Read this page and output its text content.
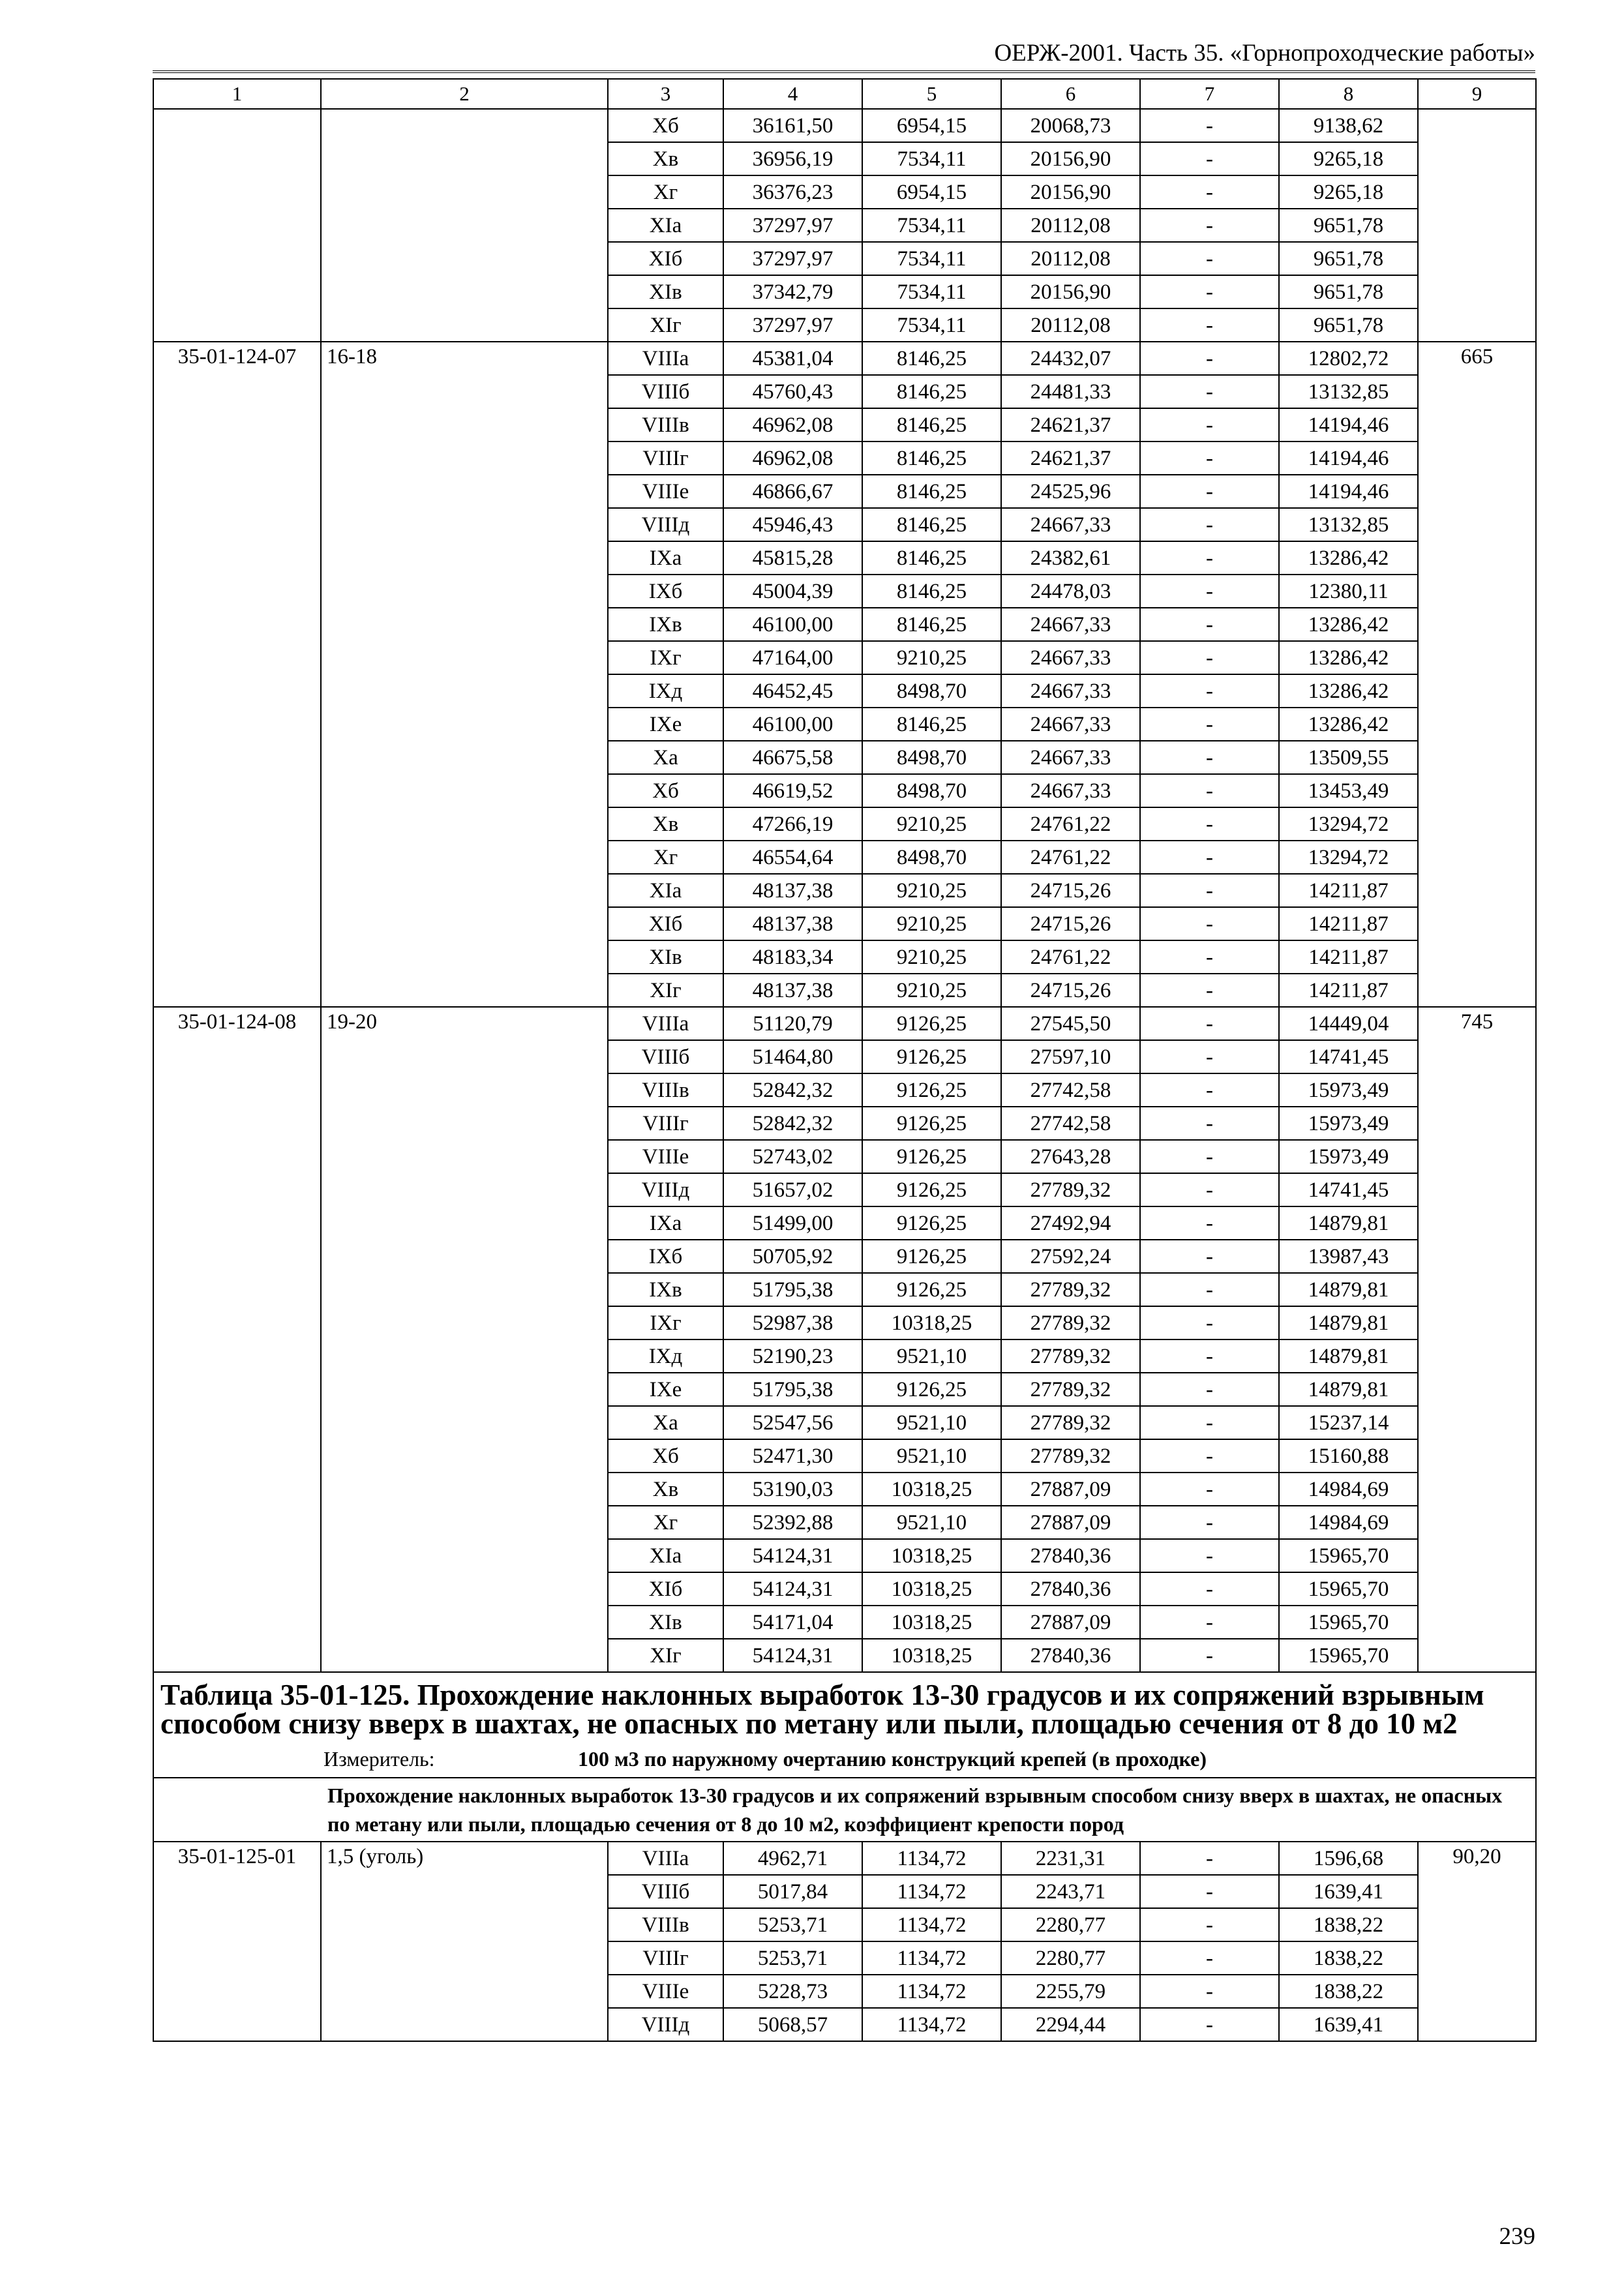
ОЕРЖ-2001. Часть 35. «Горнопроходческие работы»
1	2	3	4	5	6	7	8	9
		Xб	36161,50	6954,15	20068,73	-	9138,62	
		Xв	36956,19	7534,11	20156,90	-	9265,18	
		Xг	36376,23	6954,15	20156,90	-	9265,18	
		XIa	37297,97	7534,11	20112,08	-	9651,78	
		XIб	37297,97	7534,11	20112,08	-	9651,78	
		XIв	37342,79	7534,11	20156,90	-	9651,78	
		XIг	37297,97	7534,11	20112,08	-	9651,78	
35-01-124-07	16-18	VIIIa	45381,04	8146,25	24432,07	-	12802,72	665
		VIIIб	45760,43	8146,25	24481,33	-	13132,85	
		VIIIв	46962,08	8146,25	24621,37	-	14194,46	
		VIIIг	46962,08	8146,25	24621,37	-	14194,46	
		VIIIe	46866,67	8146,25	24525,96	-	14194,46	
		VIIIд	45946,43	8146,25	24667,33	-	13132,85	
		IXa	45815,28	8146,25	24382,61	-	13286,42	
		IXб	45004,39	8146,25	24478,03	-	12380,11	
		IXв	46100,00	8146,25	24667,33	-	13286,42	
		IXг	47164,00	9210,25	24667,33	-	13286,42	
		IXд	46452,45	8498,70	24667,33	-	13286,42	
		IXe	46100,00	8146,25	24667,33	-	13286,42	
		Xa	46675,58	8498,70	24667,33	-	13509,55	
		Xб	46619,52	8498,70	24667,33	-	13453,49	
		Xв	47266,19	9210,25	24761,22	-	13294,72	
		Xг	46554,64	8498,70	24761,22	-	13294,72	
		XIa	48137,38	9210,25	24715,26	-	14211,87	
		XIб	48137,38	9210,25	24715,26	-	14211,87	
		XIв	48183,34	9210,25	24761,22	-	14211,87	
		XIг	48137,38	9210,25	24715,26	-	14211,87	
35-01-124-08	19-20	VIIIa	51120,79	9126,25	27545,50	-	14449,04	745
		VIIIб	51464,80	9126,25	27597,10	-	14741,45	
		VIIIв	52842,32	9126,25	27742,58	-	15973,49	
		VIIIг	52842,32	9126,25	27742,58	-	15973,49	
		VIIIe	52743,02	9126,25	27643,28	-	15973,49	
		VIIIд	51657,02	9126,25	27789,32	-	14741,45	
		IXa	51499,00	9126,25	27492,94	-	14879,81	
		IXб	50705,92	9126,25	27592,24	-	13987,43	
		IXв	51795,38	9126,25	27789,32	-	14879,81	
		IXг	52987,38	10318,25	27789,32	-	14879,81	
		IXд	52190,23	9521,10	27789,32	-	14879,81	
		IXe	51795,38	9126,25	27789,32	-	14879,81	
		Xa	52547,56	9521,10	27789,32	-	15237,14	
		Xб	52471,30	9521,10	27789,32	-	15160,88	
		Xв	53190,03	10318,25	27887,09	-	14984,69	
		Xг	52392,88	9521,10	27887,09	-	14984,69	
		XIa	54124,31	10318,25	27840,36	-	15965,70	
		XIб	54124,31	10318,25	27840,36	-	15965,70	
		XIв	54171,04	10318,25	27887,09	-	15965,70	
		XIг	54124,31	10318,25	27840,36	-	15965,70	
Таблица 35-01-125. Прохождение наклонных выработок 13-30 градусов и их сопряжений взрывным способом снизу вверх в шахтах, не опасных по метану или пыли, площадью сечения от 8 до 10 м2								

Измеритель: 100 м3 по наружному очертанию конструкций крепей (в проходке)								

	Прохождение наклонных выработок 13-30 градусов и их сопряжений взрывным способом снизу вверх в шахтах, не опасных по метану или пыли, площадью сечения от 8 до 10 м2, коэффициент крепости пород							
35-01-125-01	1,5 (уголь)	VIIIa	4962,71	1134,72	2231,31	-	1596,68	90,20
		VIIIб	5017,84	1134,72	2243,71	-	1639,41	
		VIIIв	5253,71	1134,72	2280,77	-	1838,22	
		VIIIг	5253,71	1134,72	2280,77	-	1838,22	
		VIIIe	5228,73	1134,72	2255,79	-	1838,22	
		VIIIд	5068,57	1134,72	2294,44	-	1639,41	
239
